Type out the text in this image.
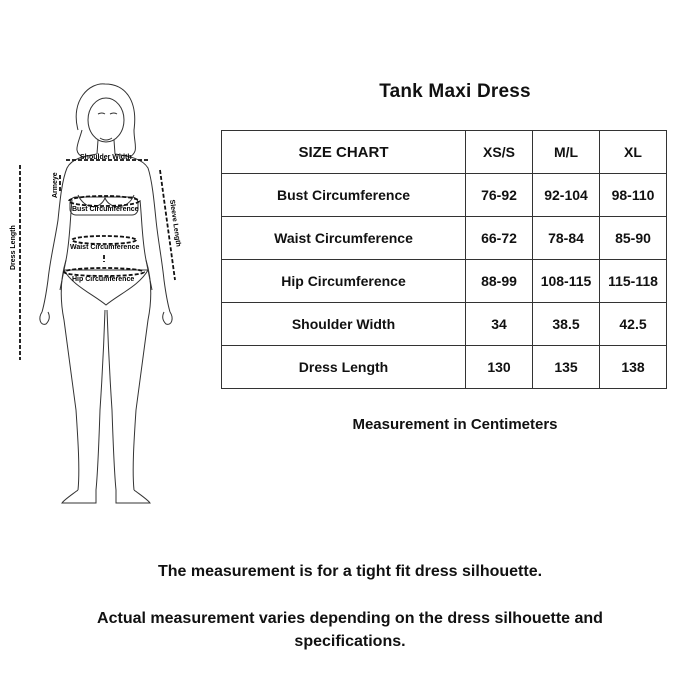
Shoulder Width
Bust Circumference
Waist Circumference
Hip Circumference
Armeye
Sleeve Length
Dress Length
Tank Maxi Dress
SIZE CHART	XS/S	M/L	XL
Bust Circumference	76-92	92-104	98-110
Waist Circumference	66-72	78-84	85-90
Hip Circumference	88-99	108-115	115-118
Shoulder Width	34	38.5	42.5
Dress Length	130	135	138
Measurement in Centimeters
The measurement is for a tight fit dress silhouette.
Actual measurement varies depending on the dress silhouette and specifications.
